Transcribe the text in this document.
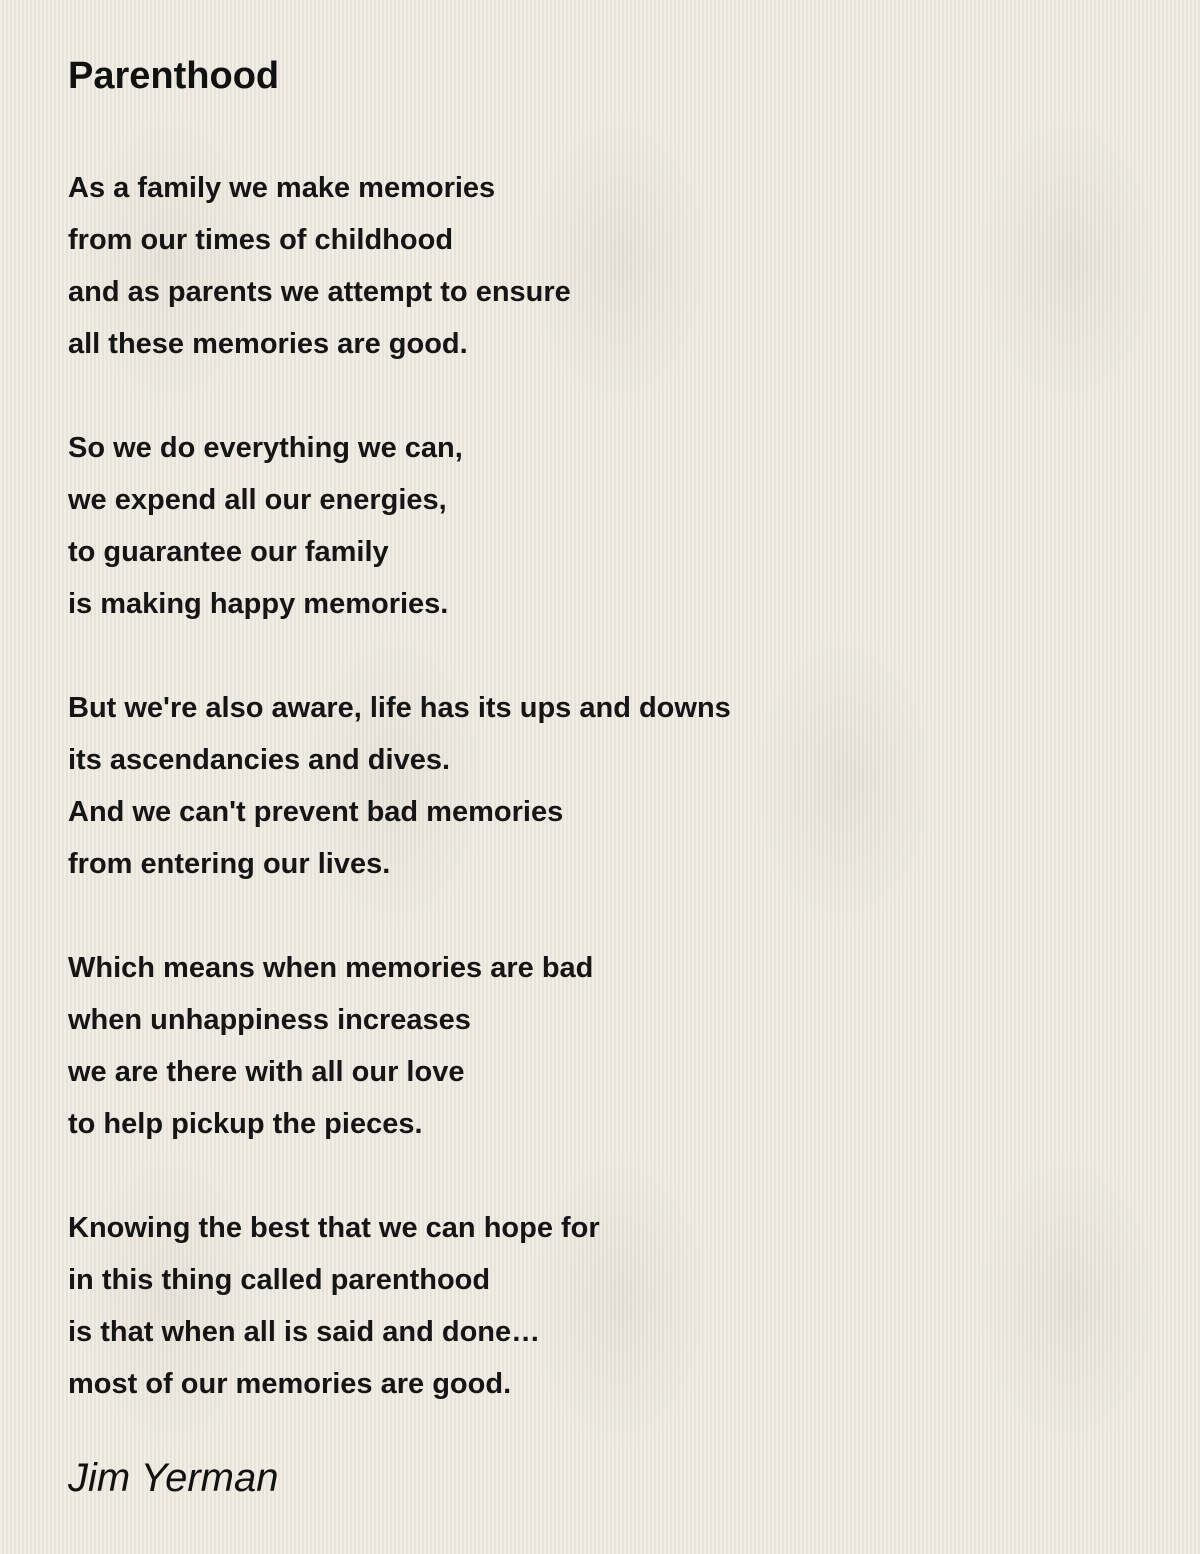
Parenthood
As a family we make memories
from our times of childhood
and as parents we attempt to ensure
all these memories are good.
So we do everything we can,
we expend all our energies,
to guarantee our family
is making happy memories.
But we're also aware, life has its ups and downs
its ascendancies and dives.
And we can't prevent bad memories
from entering our lives.
Which means when memories are bad
when unhappiness increases
we are there with all our love
to help pickup the pieces.
Knowing the best that we can hope for
in this thing called parenthood
is that when all is said and done…
most of our memories are good.
Jim Yerman
